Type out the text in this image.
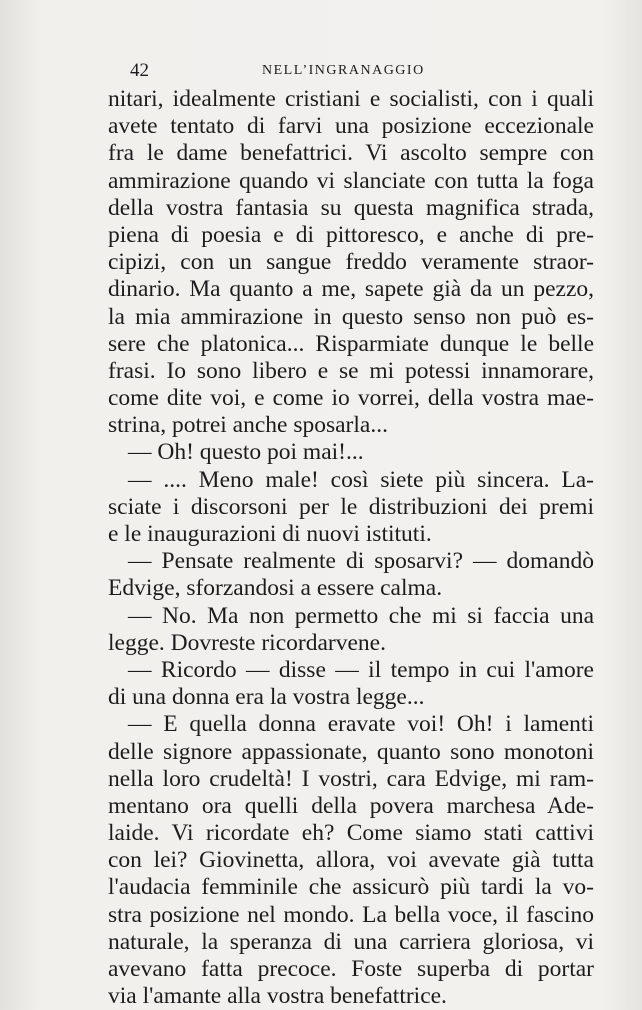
42	NELL’INGRANAGGIO
nitari, idealmente cristiani e socialisti, con i quali
avete tentato di farvi una posizione eccezionale
fra le dame benefattrici. Vi ascolto sempre con
ammirazione quando vi slanciate con tutta la foga
della vostra fantasia su questa magnifica strada,
piena di poesia e di pittoresco, e anche di pre-
cipizi, con un sangue freddo veramente straor-
dinario. Ma quanto a me, sapete già da un pezzo,
la mia ammirazione in questo senso non può es-
sere che platonica... Risparmiate dunque le belle
frasi. Io sono libero e se mi potessi innamorare,
come dite voi, e come io vorrei, della vostra mae-
strina, potrei anche sposarla...
— Oh! questo poi mai!...
— .... Meno male! così siete più sincera. La-
sciate i discorsoni per le distribuzioni dei premi
e le inaugurazioni di nuovi istituti.
— Pensate realmente di sposarvi? — domandò
Edvige, sforzandosi a essere calma.
— No. Ma non permetto che mi si faccia una
legge. Dovreste ricordarvene.
— Ricordo — disse — il tempo in cui l'amore
di una donna era la vostra legge...
— E quella donna eravate voi! Oh! i lamenti
delle signore appassionate, quanto sono monotoni
nella loro crudeltà! I vostri, cara Edvige, mi ram-
mentano ora quelli della povera marchesa Ade-
laide. Vi ricordate eh? Come siamo stati cattivi
con lei? Giovinetta, allora, voi avevate già tutta
l'audacia femminile che assicurò più tardi la vo-
stra posizione nel mondo. La bella voce, il fascino
naturale, la speranza di una carriera gloriosa, vi
avevano fatta precoce. Foste superba di portar
via l'amante alla vostra benefattrice.
